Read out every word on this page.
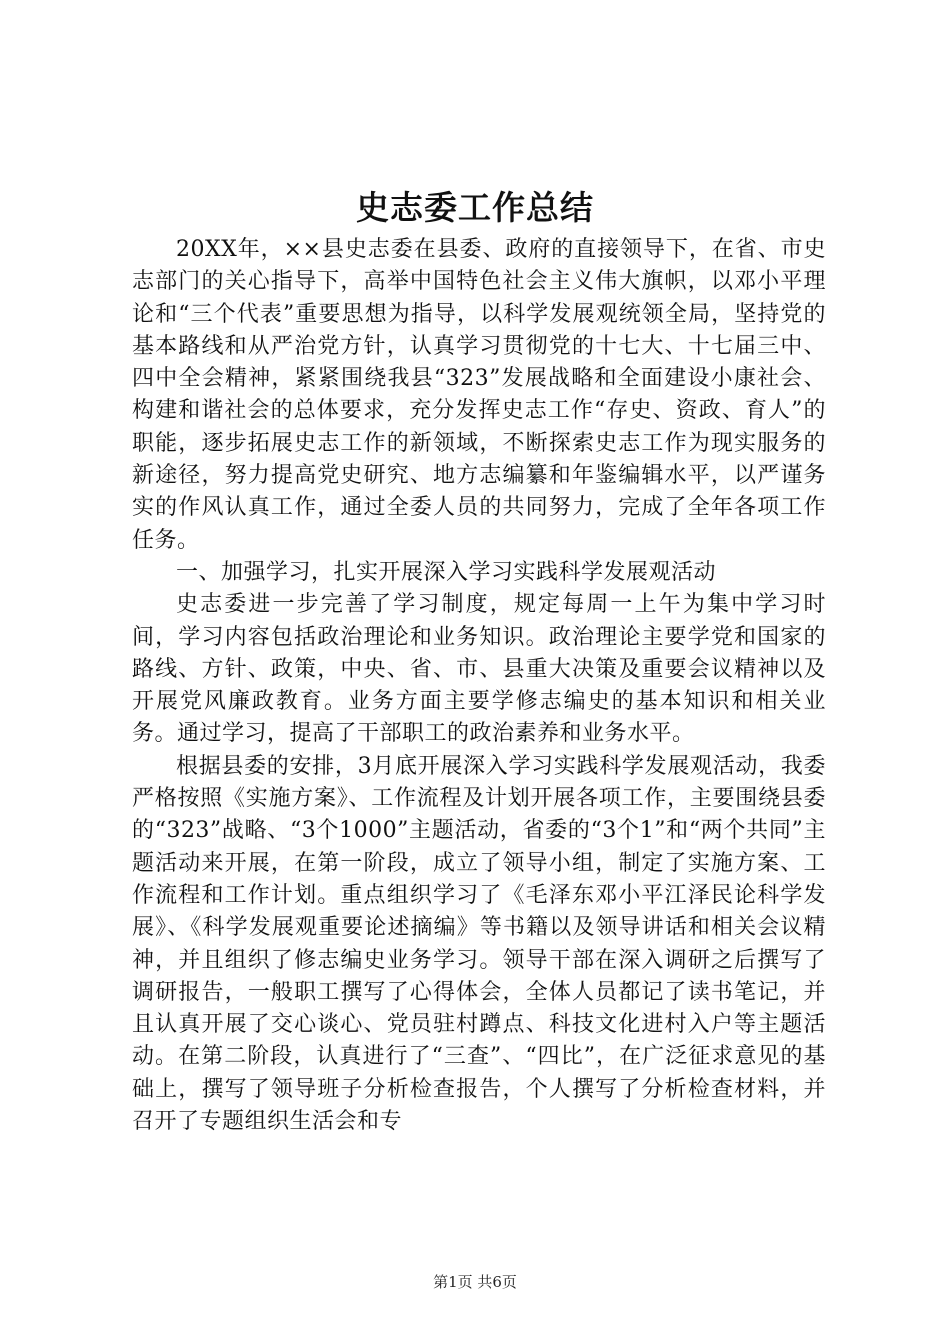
史志委工作总结

20XX年，××县史志委在县委、政府的直接领导下，在省、市史志部门的关心指导下，高举中国特色社会主义伟大旗帜，以邓小平理论和“三个代表”重要思想为指导，以科学发展观统领全局，坚持党的基本路线和从严治党方针，认真学习贯彻党的十七大、十七届三中、四中全会精神，紧紧围绕我县“323”发展战略和全面建设小康社会、构建和谐社会的总体要求，充分发挥史志工作“存史、资政、育人”的职能，逐步拓展史志工作的新领域，不断探索史志工作为现实服务的新途径，努力提高党史研究、地方志编纂和年鉴编辑水平，以严谨务实的作风认真工作，通过全委人员的共同努力，完成了全年各项工作任务。

一、加强学习，扎实开展深入学习实践科学发展观活动

史志委进一步完善了学习制度，规定每周一上午为集中学习时间，学习内容包括政治理论和业务知识。政治理论主要学党和国家的路线、方针、政策，中央、省、市、县重大决策及重要会议精神以及开展党风廉政教育。业务方面主要学修志编史的基本知识和相关业务。通过学习，提高了干部职工的政治素养和业务水平。

根据县委的安排，3月底开展深入学习实践科学发展观活动，我委严格按照《实施方案》、工作流程及计划开展各项工作，主要围绕县委的“323”战略、“3个1000”主题活动，省委的“3个1”和“两个共同”主题活动来开展，在第一阶段，成立了领导小组，制定了实施方案、工作流程和工作计划。重点组织学习了《毛泽东邓小平江泽民论科学发展》、《科学发展观重要论述摘编》等书籍以及领导讲话和相关会议精神，并且组织了修志编史业务学习。领导干部在深入调研之后撰写了调研报告，一般职工撰写了心得体会，全体人员都记了读书笔记，并且认真开展了交心谈心、党员驻村蹲点、科技文化进村入户等主题活动。在第二阶段，认真进行了“三查”、“四比”，在广泛征求意见的基础上，撰写了领导班子分析检查报告，个人撰写了分析检查材料，并召开了专题组织生活会和专

第1页 共6页
